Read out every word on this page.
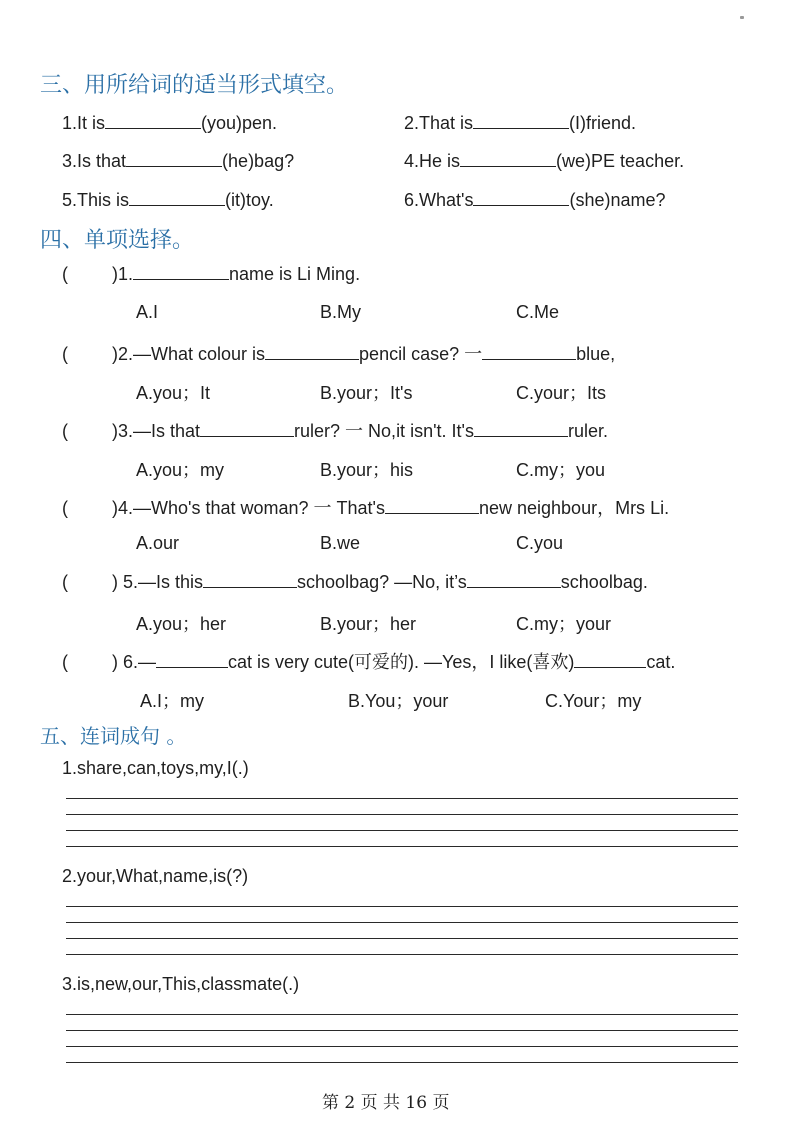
三、用所给词的适当形式填空。
1.It is	(you)pen.	2.That is	(I)friend.
3.Is that	(he)bag?	4.He is	(we)PE teacher.
5.This is	(it)toy.	6.What's	(she)name?
四、单项选择。
( )1.	name is Li Ming.
A.I	B.My	C.Me
( )2.—What colour is	pencil case? 一	blue,
A.you；It	B.your；It's	C.your；Its
( )3.—Is that	ruler? 一 No,it isn't. It's	ruler.
A.you；my	B.your；his	C.my；you
( )4.—Who's that woman? 一 That's	new neighbour，Mrs Li.
A.our	B.we	C.you
( ) 5.—Is this	schoolbag? —No, it’s	schoolbag.
A.you；her	B.your；her	C.my；your
( ) 6.—	cat is very cute(可爱的). —Yes，I like(喜欢)	cat.
A.I；my	B.You；your	C.Your；my
五、连词成句 。
1.share,can,toys,my,I(.)
2.your,What,name,is(?)
3.is,new,our,This,classmate(.)
第 2 页 共 16 页
